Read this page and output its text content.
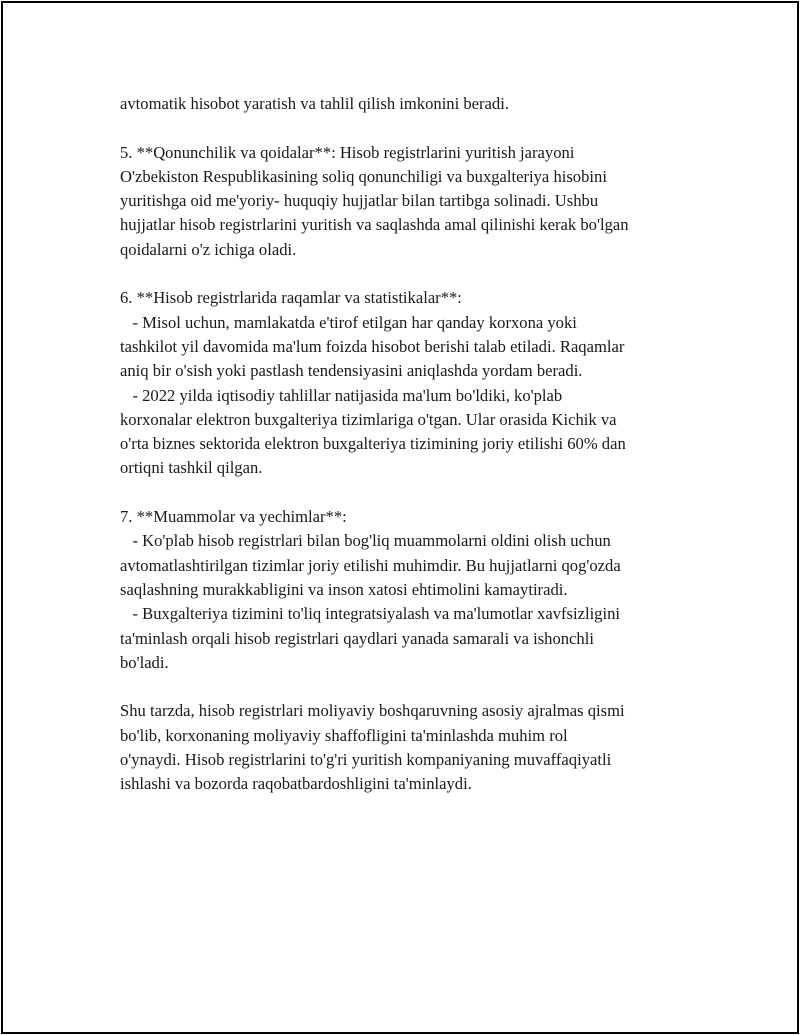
avtomatik hisobot yaratish va tahlil qilish imkonini beradi.
5. **Qonunchilik va qoidalar**: Hisob registrlarini yuritish jarayoni
O'zbekiston Respublikasining soliq qonunchiligi va buxgalteriya hisobini
yuritishga oid me'yoriy- huquqiy hujjatlar bilan tartibga solinadi. Ushbu
hujjatlar hisob registrlarini yuritish va saqlashda amal qilinishi kerak bo'lgan
qoidalarni o'z ichiga oladi.
6. **Hisob registrlarida raqamlar va statistikalar**:
- Misol uchun, mamlakatda e'tirof etilgan har qanday korxona yoki
tashkilot yil davomida ma'lum foizda hisobot berishi talab etiladi. Raqamlar
aniq bir o'sish yoki pastlash tendensiyasini aniqlashda yordam beradi.
- 2022 yilda iqtisodiy tahlillar natijasida ma'lum bo'ldiki, ko'plab
korxonalar elektron buxgalteriya tizimlariga o'tgan. Ular orasida Kichik va
o'rta biznes sektorida elektron buxgalteriya tizimining joriy etilishi 60% dan
ortiqni tashkil qilgan.
7. **Muammolar va yechimlar**:
- Ko'plab hisob registrlari bilan bog'liq muammolarni oldini olish uchun
avtomatlashtirilgan tizimlar joriy etilishi muhimdir. Bu hujjatlarni qog'ozda
saqlashning murakkabligini va inson xatosi ehtimolini kamaytiradi.
- Buxgalteriya tizimini to'liq integratsiyalash va ma'lumotlar xavfsizligini
ta'minlash orqali hisob registrlari qaydlari yanada samarali va ishonchli
bo'ladi.
Shu tarzda, hisob registrlari moliyaviy boshqaruvning asosiy ajralmas qismi
bo'lib, korxonaning moliyaviy shaffofligini ta'minlashda muhim rol
o'ynaydi. Hisob registrlarini to'g'ri yuritish kompaniyaning muvaffaqiyatli
ishlashi va bozorda raqobatbardoshligini ta'minlaydi.
